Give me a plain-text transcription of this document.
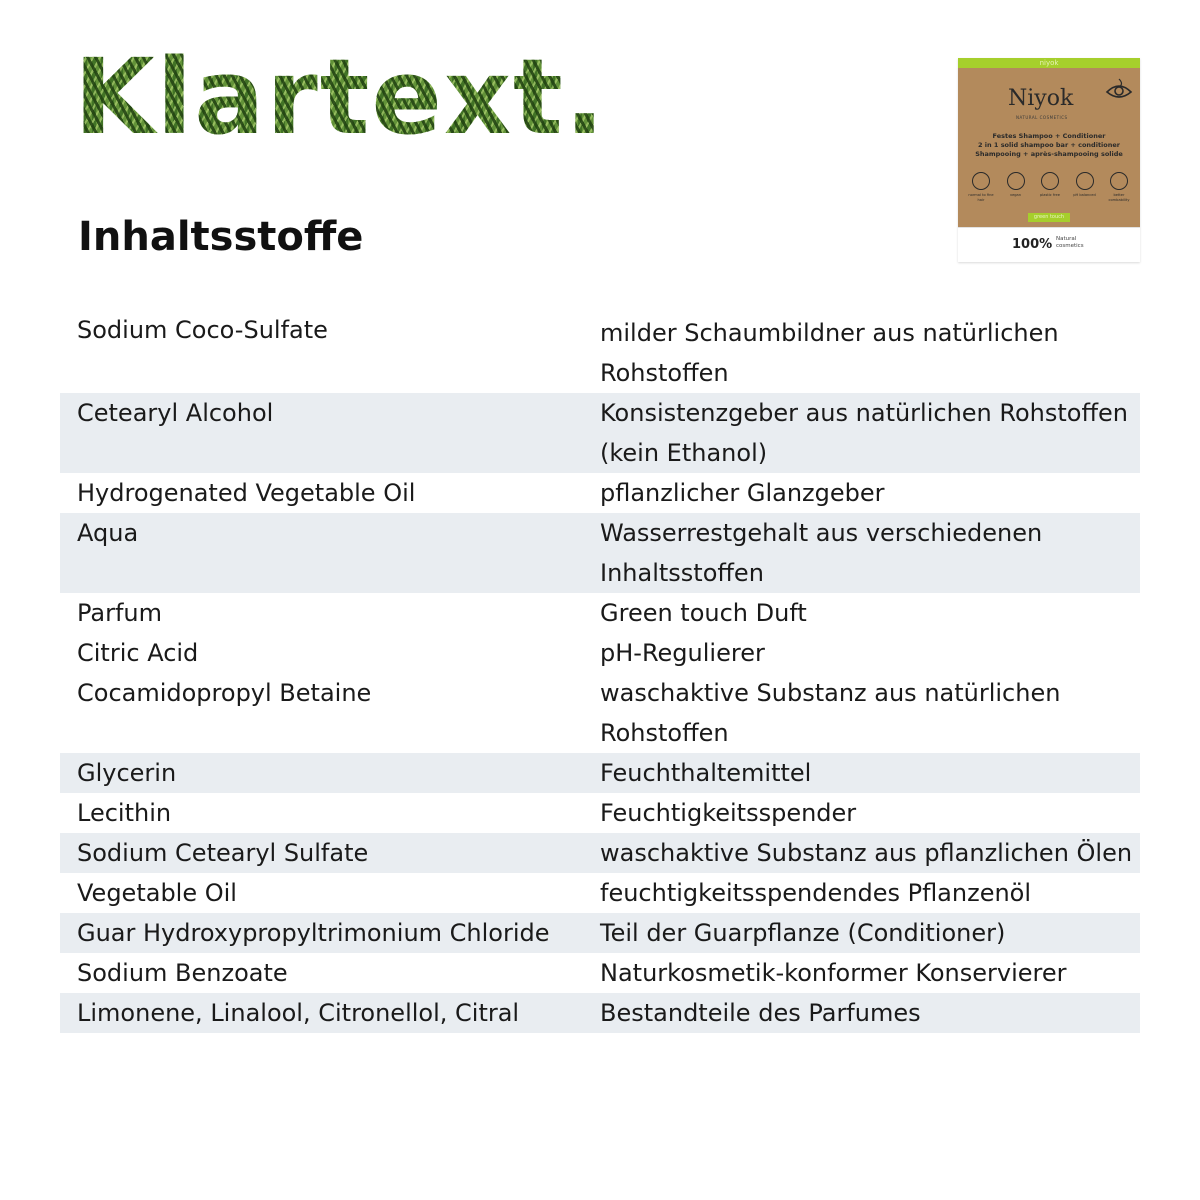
Klartext.
Inhaltsstoffe
niyok
Niyok
NATURAL COSMETICS
Festes Shampoo + Conditioner
2 in 1 solid shampoo bar + conditioner
Shampooing + après-shampooing solide
normal to fine hair
vegan	plastic free	pH balanced	better combability
green touch
100% Natural cosmetics
Sodium Coco-Sulfate	milder Schaumbildner aus natürlichen Rohstoffen
Cetearyl Alcohol	Konsistenzgeber aus natürlichen Rohstoffen (kein Ethanol)
Hydrogenated Vegetable Oil	pflanzlicher Glanzgeber
Aqua	Wasserrestgehalt aus verschiedenen Inhaltsstoffen
Parfum	Green touch Duft
Citric Acid	pH-Regulierer
Cocamidopropyl Betaine	waschaktive Substanz aus natürlichen Rohstoffen
Glycerin	Feuchthaltemittel
Lecithin	Feuchtigkeitsspender
Sodium Cetearyl Sulfate	waschaktive Substanz aus pflanzlichen Ölen
Vegetable Oil	feuchtigkeitsspendendes Pflanzenöl
Guar Hydroxypropyltrimonium Chloride	Teil der Guarpflanze (Conditioner)
Sodium Benzoate	Naturkosmetik-konformer Konservierer
Limonene, Linalool, Citronellol, Citral	Bestandteile des Parfumes
